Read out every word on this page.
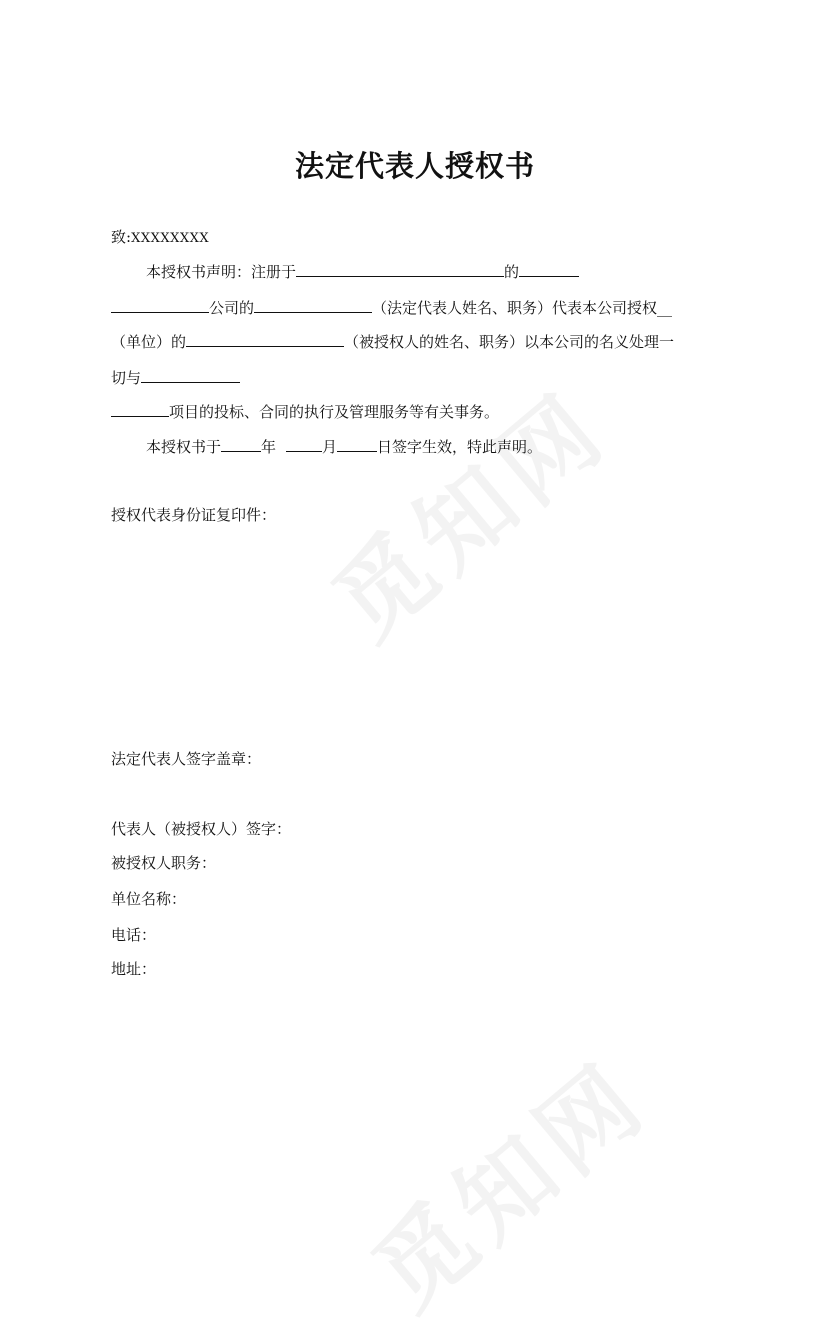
法定代表人授权书
致:XXXXXXXX
本授权书声明：注册于	的
公司的	（法定代表人姓名、职务）代表本公司授权__
（单位）的	（被授权人的姓名、职务）以本公司的名义处理一
切与
项目的投标、合同的执行及管理服务等有关事务。
本授权书于	年	月	日签字生效，特此声明。
授权代表身份证复印件：
法定代表人签字盖章：
代表人（被授权人）签字：
被授权人职务：
单位名称：
电话：
地址：
